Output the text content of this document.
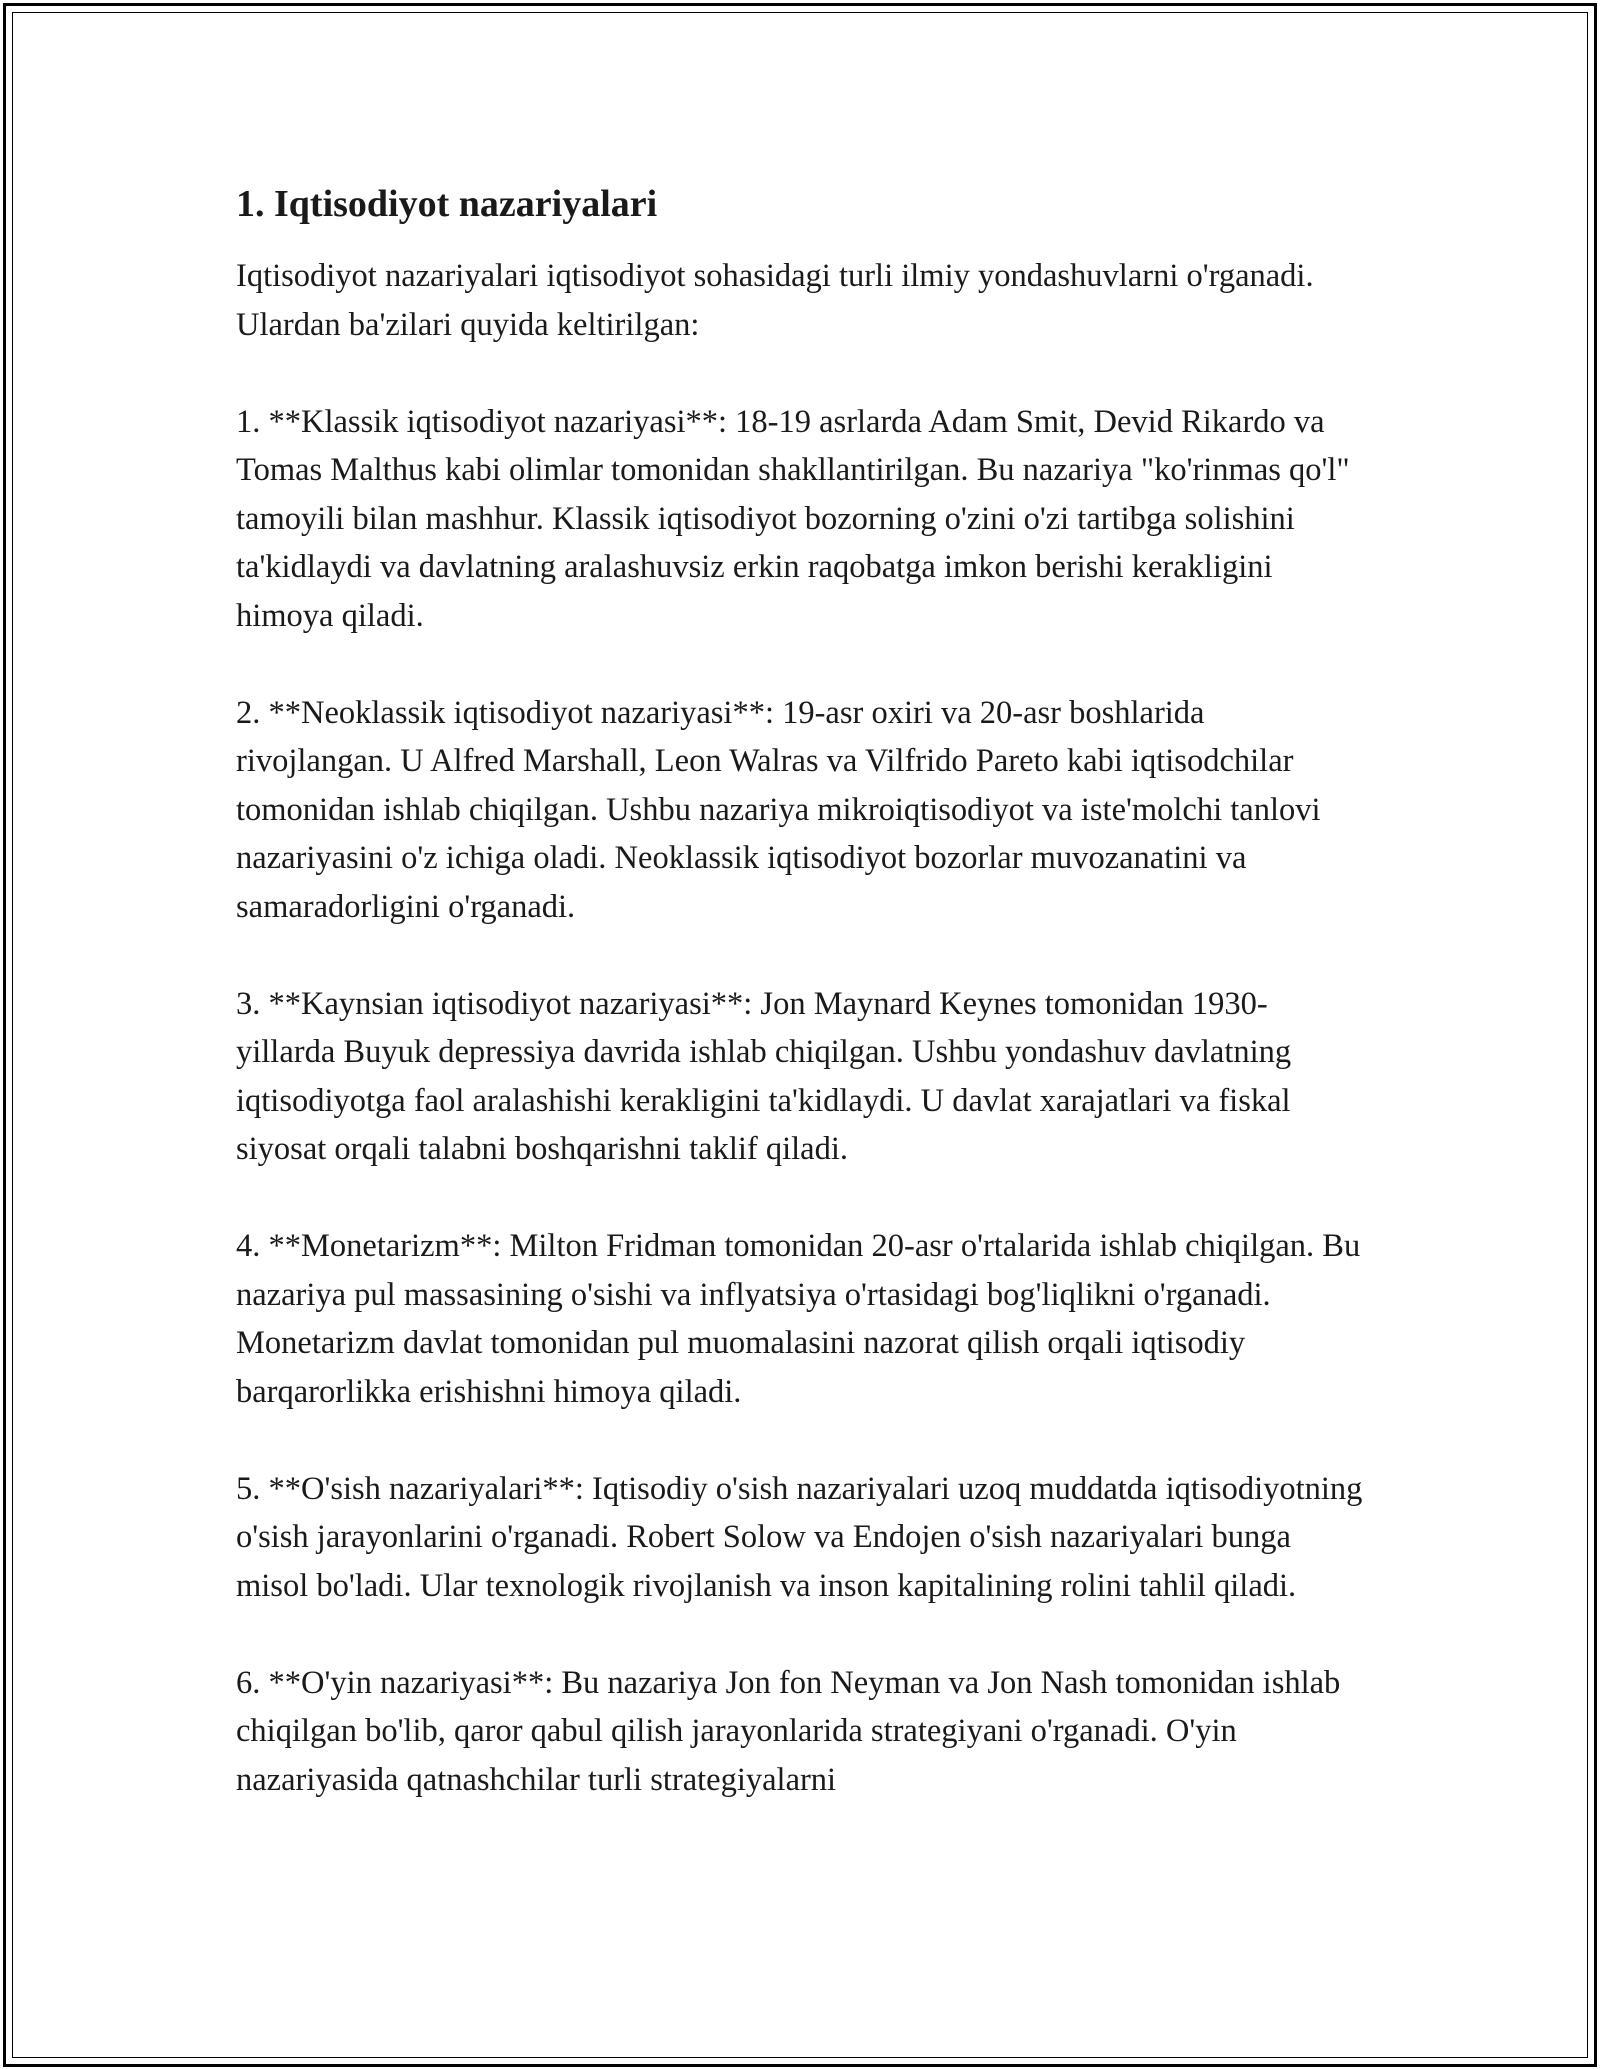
1. Iqtisodiyot nazariyalari

Iqtisodiyot nazariyalari iqtisodiyot sohasidagi turli ilmiy yondashuvlarni o'rganadi. Ulardan ba'zilari quyida keltirilgan:

1. **Klassik iqtisodiyot nazariyasi**: 18-19 asrlarda Adam Smit, Devid Rikardo va Tomas Malthus kabi olimlar tomonidan shakllantirilgan. Bu nazariya "ko'rinmas qo'l" tamoyili bilan mashhur. Klassik iqtisodiyot bozorning o'zini o'zi tartibga solishini ta'kidlaydi va davlatning aralashuvsiz erkin raqobatga imkon berishi kerakligini himoya qiladi.

2. **Neoklassik iqtisodiyot nazariyasi**: 19-asr oxiri va 20-asr boshlarida rivojlangan. U Alfred Marshall, Leon Walras va Vilfrido Pareto kabi iqtisodchilar tomonidan ishlab chiqilgan. Ushbu nazariya mikroiqtisodiyot va iste'molchi tanlovi nazariyasini o'z ichiga oladi. Neoklassik iqtisodiyot bozorlar muvozanatini va samaradorligini o'rganadi.

3. **Kaynsian iqtisodiyot nazariyasi**: Jon Maynard Keynes tomonidan 1930-yillarda Buyuk depressiya davrida ishlab chiqilgan. Ushbu yondashuv davlatning iqtisodiyotga faol aralashishi kerakligini ta'kidlaydi. U davlat xarajatlari va fiskal siyosat orqali talabni boshqarishni taklif qiladi.

4. **Monetarizm**: Milton Fridman tomonidan 20-asr o'rtalarida ishlab chiqilgan. Bu nazariya pul massasining o'sishi va inflyatsiya o'rtasidagi bog'liqlikni o'rganadi. Monetarizm davlat tomonidan pul muomalasini nazorat qilish orqali iqtisodiy barqarorlikka erishishni himoya qiladi.

5. **O'sish nazariyalari**: Iqtisodiy o'sish nazariyalari uzoq muddatda iqtisodiyotning o'sish jarayonlarini o'rganadi. Robert Solow va Endojen o'sish nazariyalari bunga misol bo'ladi. Ular texnologik rivojlanish va inson kapitalining rolini tahlil qiladi.

6. **O'yin nazariyasi**: Bu nazariya Jon fon Neyman va Jon Nash tomonidan ishlab chiqilgan bo'lib, qaror qabul qilish jarayonlarida strategiyani o'rganadi. O'yin nazariyasida qatnashchilar turli strategiyalarni
